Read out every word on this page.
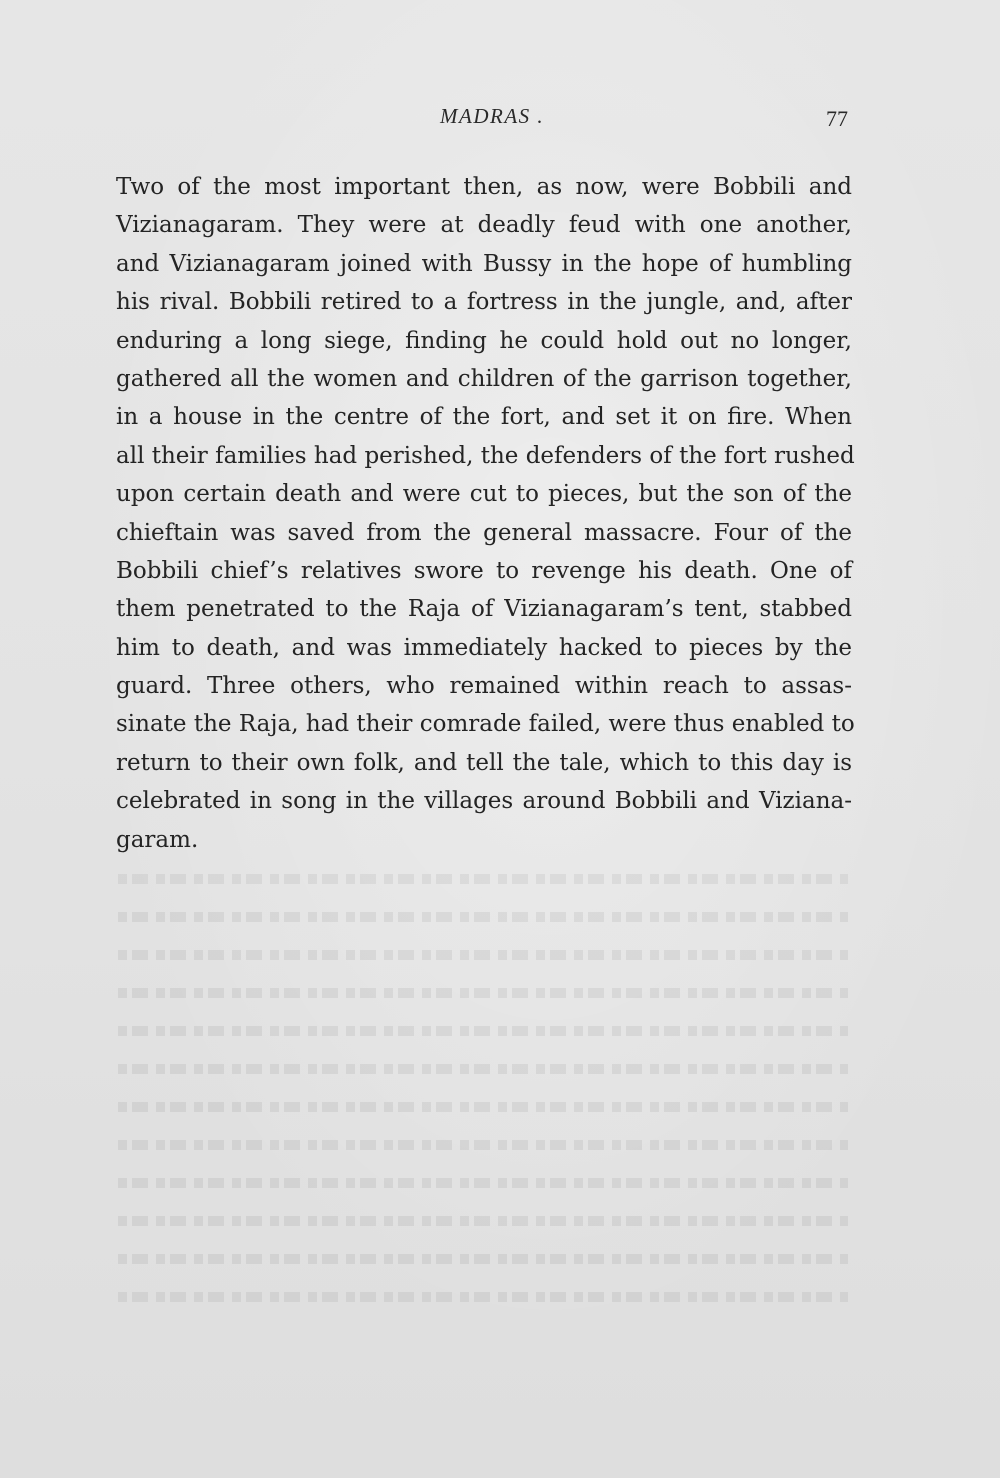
MADRAS .	77
Two of the most important then, as now, were Bobbili and
Vizianagaram. They were at deadly feud with one another,
and Vizianagaram joined with Bussy in the hope of humbling
his rival. Bobbili retired to a fortress in the jungle, and, after
enduring a long siege, finding he could hold out no longer,
gathered all the women and children of the garrison together,
in a house in the centre of the fort, and set it on fire. When
all their families had perished, the defenders of the fort rushed
upon certain death and were cut to pieces, but the son of the
chieftain was saved from the general massacre. Four of the
Bobbili chief’s relatives swore to revenge his death. One of
them penetrated to the Raja of Vizianagaram’s tent, stabbed
him to death, and was immediately hacked to pieces by the
guard. Three others, who remained within reach to assas-
sinate the Raja, had their comrade failed, were thus enabled to
return to their own folk, and tell the tale, which to this day is
celebrated in song in the villages around Bobbili and Viziana-
garam.
